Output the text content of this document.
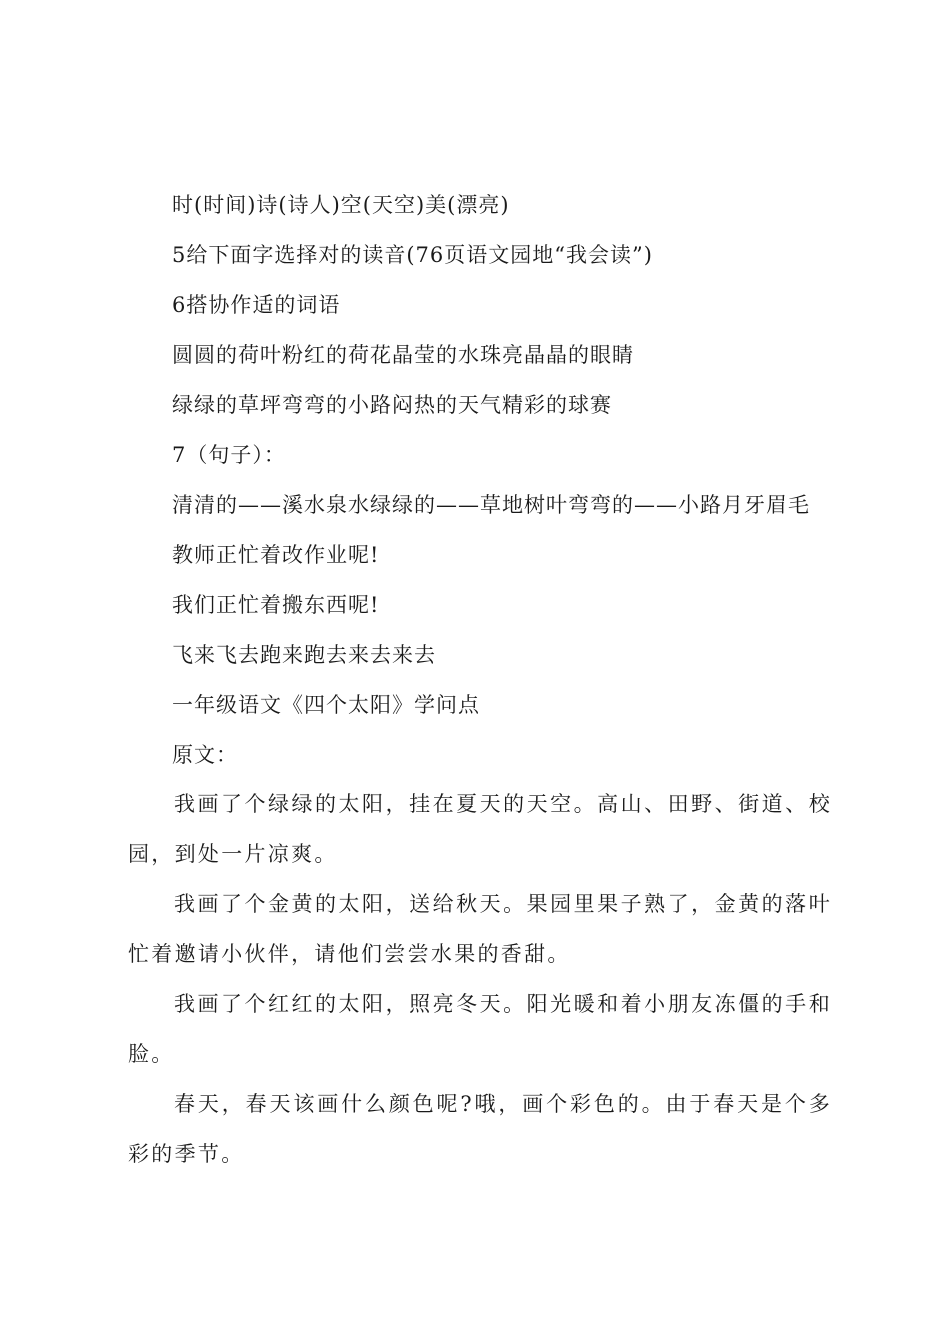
时(时间)诗(诗人)空(天空)美(漂亮)
5给下面字选择对的读音(76页语文园地“我会读”)
6搭协作适的词语
圆圆的荷叶粉红的荷花晶莹的水珠亮晶晶的眼睛
绿绿的草坪弯弯的小路闷热的天气精彩的球赛
7（句子）：
清清的——溪水泉水绿绿的——草地树叶弯弯的——小路月牙眉毛
教师正忙着改作业呢!
我们正忙着搬东西呢!
飞来飞去跑来跑去来去来去
一年级语文《四个太阳》学问点
原文：
我画了个绿绿的太阳，挂在夏天的天空。高山、田野、街道、校园，到处一片凉爽。
我画了个金黄的太阳，送给秋天。果园里果子熟了，金黄的落叶忙着邀请小伙伴，请他们尝尝水果的香甜。
我画了个红红的太阳，照亮冬天。阳光暖和着小朋友冻僵的手和脸。
春天，春天该画什么颜色呢?哦，画个彩色的。由于春天是个多彩的季节。
